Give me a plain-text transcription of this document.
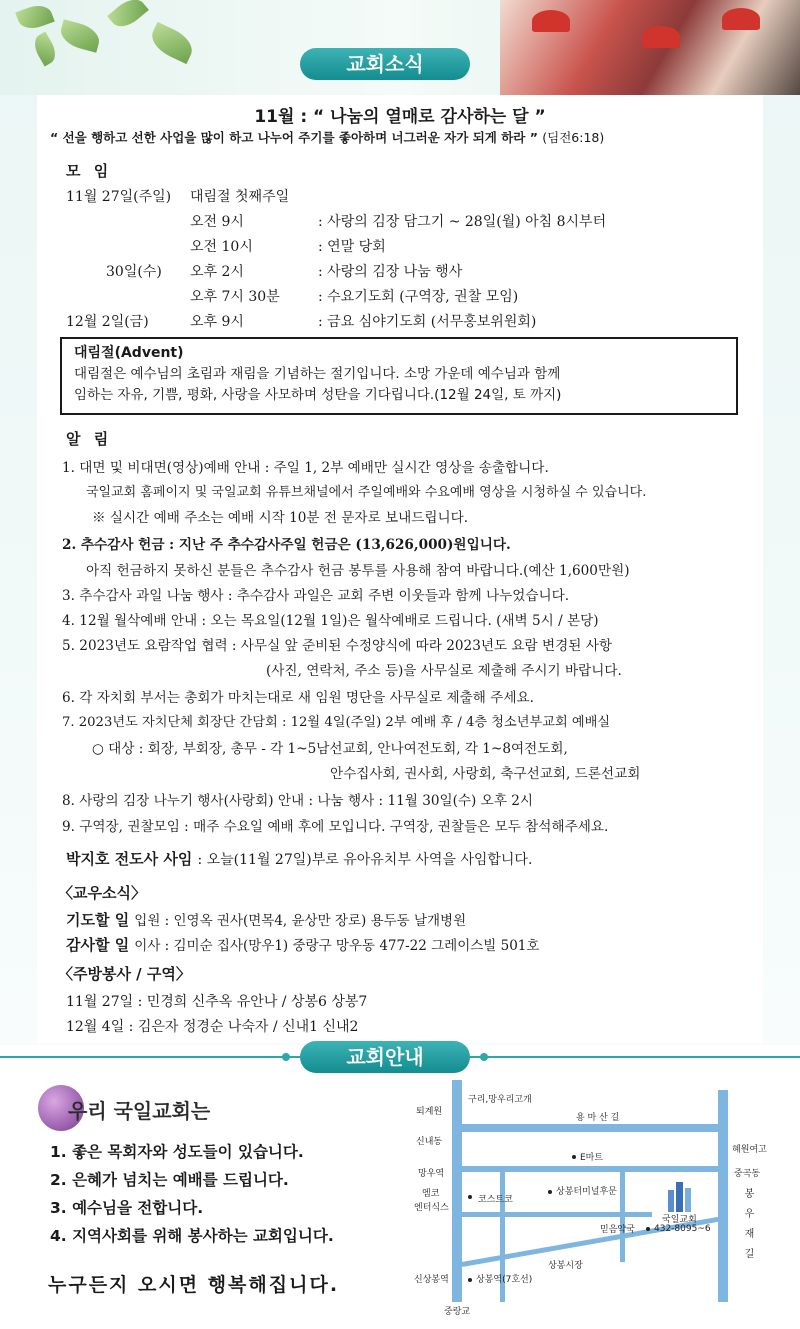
교회소식
11월 : “ 나눔의 열매로 감사하는 달 ”
“ 선을 행하고 선한 사업을 많이 하고 나누어 주기를 좋아하며 너그러운 자가 되게 하라 ” (딤전6:18)
모 임
11월 27일(주일) 대림절 첫째주일
오전 9시	: 사랑의 김장 담그기 ~ 28일(월) 아침 8시부터
오전 10시	: 연말 당회
30일(수) 오후 2시	: 사랑의 김장 나눔 행사
오후 7시 30분	: 수요기도회 (구역장, 권찰 모임)
12월 2일(금)	오후 9시	: 금요 심야기도회 (서무홍보위원회)
대림절(Advent)
대림절은 예수님의 초림과 재림을 기념하는 절기입니다. 소망 가운데 예수님과 함께
임하는 자유, 기쁨, 평화, 사랑을 사모하며 성탄을 기다립니다.(12월 24일, 토 까지)
알 림
1. 대면 및 비대면(영상)예배 안내 : 주일 1, 2부 예배만 실시간 영상을 송출합니다.
국일교회 홈페이지 및 국일교회 유튜브채널에서 주일예배와 수요예배 영상을 시청하실 수 있습니다.
※ 실시간 예배 주소는 예배 시작 10분 전 문자로 보내드립니다.
2. 추수감사 헌금 : 지난 주 추수감사주일 헌금은 (13,626,000)원입니다.
아직 헌금하지 못하신 분들은 추수감사 헌금 봉투를 사용해 참여 바랍니다.(예산 1,600만원)
3. 추수감사 과일 나눔 행사 : 추수감사 과일은 교회 주변 이웃들과 함께 나누었습니다.
4. 12월 월삭예배 안내 : 오는 목요일(12월 1일)은 월삭예배로 드립니다. (새벽 5시 / 본당)
5. 2023년도 요람작업 협력 : 사무실 앞 준비된 수정양식에 따라 2023년도 요람 변경된 사항
(사진, 연락처, 주소 등)을 사무실로 제출해 주시기 바랍니다.
6. 각 자치회 부서는 총회가 마치는대로 새 임원 명단을 사무실로 제출해 주세요.
7. 2023년도 자치단체 회장단 간담회 : 12월 4일(주일) 2부 예배 후 / 4층 청소년부교회 예배실
○ 대상 : 회장, 부회장, 총무 - 각 1~5남선교회, 안나여전도회, 각 1~8여전도회,
안수집사회, 권사회, 사랑회, 축구선교회, 드론선교회
8. 사랑의 김장 나누기 행사(사랑회) 안내 : 나눔 행사 : 11월 30일(수) 오후 2시
9. 구역장, 권찰모임 : 매주 수요일 예배 후에 모입니다. 구역장, 권찰들은 모두 참석해주세요.
박지호 전도사 사임 : 오늘(11월 27일)부로 유아유치부 사역을 사임합니다.
〈교우소식〉
기도할 일 입원 : 인영옥 권사(면목4, 윤상만 장로) 용두동 날개병원
감사할 일 이사 : 김미순 집사(망우1) 중랑구 망우동 477-22 그레이스빌 501호
〈주방봉사 / 구역〉
11월 27일 : 민경희 신추옥 유안나 / 상봉6 상봉7
12월 4일 : 김은자 정경순 나숙자 / 신내1 신내2
교회안내
우리 국일교회는
1. 좋은 목회자와 성도들이 있습니다.
2. 은혜가 넘치는 예배를 드립니다.
3. 예수님을 전합니다.
4. 지역사회를 위해 봉사하는 교회입니다.
누구든지 오시면 행복해집니다.
구리,망우리고개
용 마 산 길
퇴계원
신내동
E마트
혜원여고
중곡동
망우역
엠코
엔터식스
코스트코
상봉터미널후문
국일교회
432-8095~6
믿음약국	봉우재길
상봉시장
신상봉역	상봉역(7호선)
중랑교
